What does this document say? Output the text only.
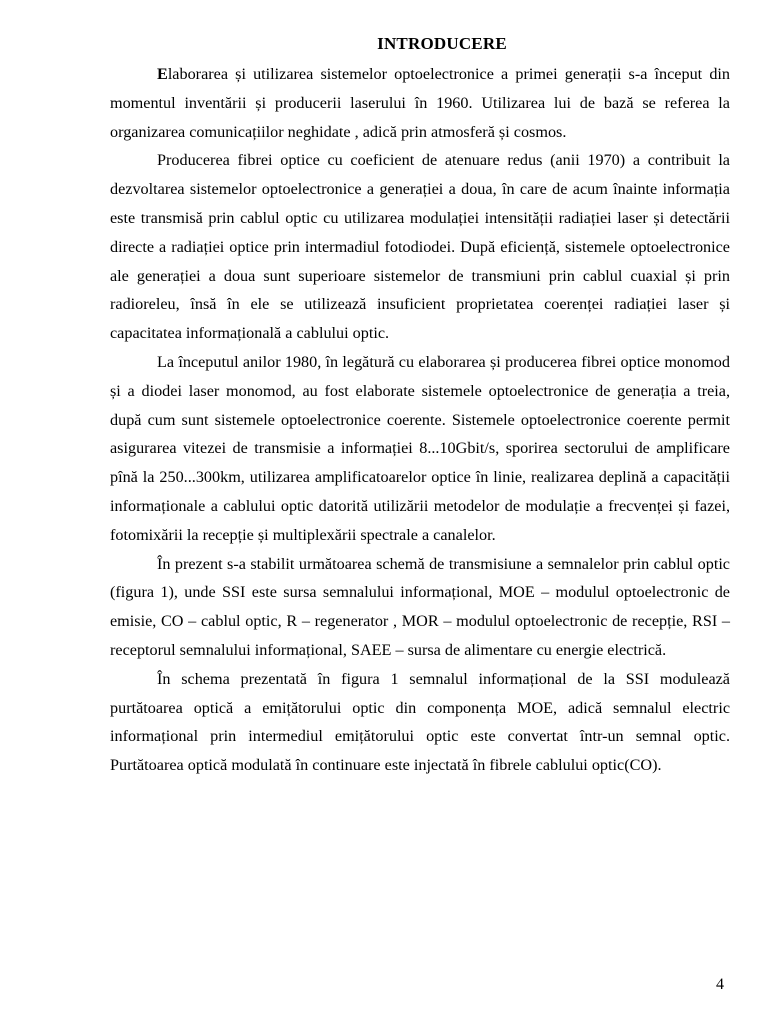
INTRODUCERE

Elaborarea și utilizarea sistemelor optoelectronice a primei generații s-a început din momentul inventării și producerii laserului în 1960. Utilizarea lui de bază se referea la organizarea comunicațiilor neghidate , adică prin atmosferă și cosmos.

Producerea fibrei optice cu coeficient de atenuare redus (anii 1970) a contribuit la dezvoltarea sistemelor optoelectronice a generației a doua, în care de acum înainte informația este transmisă prin cablul optic cu utilizarea modulației intensității radiației laser și detectării directe a radiației optice prin intermadiul fotodiodei. După eficiență, sistemele optoelectronice ale generației a doua sunt superioare sistemelor de transmiuni prin cablul cuaxial și prin radioreleu, însă în ele se utilizează insuficient proprietatea coerenței radiației laser și capacitatea informațională a cablului optic.

La începutul anilor 1980, în legătură cu elaborarea și producerea fibrei optice monomod și a diodei laser monomod, au fost elaborate sistemele optoelectronice de generația a treia, după cum sunt sistemele optoelectronice coerente. Sistemele optoelectronice coerente permit asigurarea vitezei de transmisie a informației 8...10Gbit/s, sporirea sectorului de amplificare pînă la 250...300km, utilizarea amplificatoarelor optice în linie, realizarea deplină a capacității informaționale a cablului optic datorită utilizării metodelor de modulație a frecvenței și fazei, fotomixării la recepție și multiplexării spectrale a canalelor.

În prezent s-a stabilit următoarea schemă de transmisiune a semnalelor prin cablul optic (figura 1), unde SSI este sursa semnalului informațional, MOE – modulul optoelectronic de emisie, CO – cablul optic, R – regenerator , MOR – modulul optoelectronic de recepție, RSI – receptorul semnalului informațional, SAEE – sursa de alimentare cu energie electrică.

În schema prezentată în figura 1 semnalul informațional de la SSI modulează purtătoarea optică a emițătorului optic din componența MOE, adică semnalul electric informațional prin intermediul emițătorului optic este convertat într-un semnal optic. Purtătoarea optică modulată în continuare este injectată în fibrele cablului optic(CO).

4
